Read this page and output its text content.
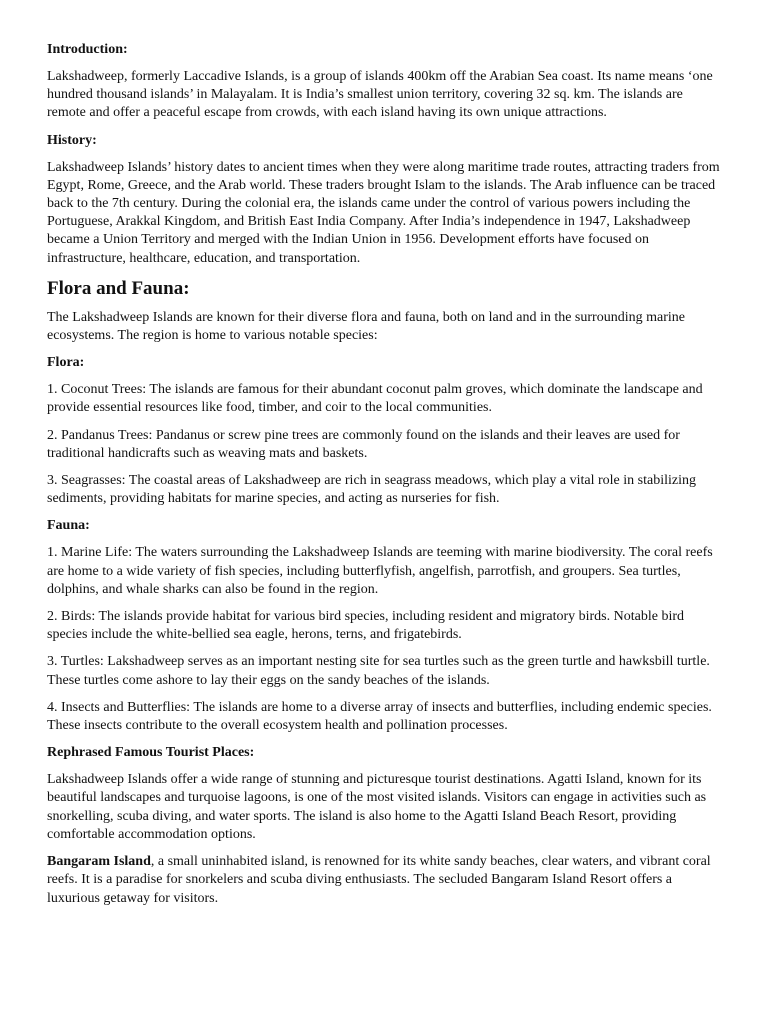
Introduction:

Lakshadweep, formerly Laccadive Islands, is a group of islands 400km off the Arabian Sea coast. Its name means ‘one hundred thousand islands’ in Malayalam. It is India’s smallest union territory, covering 32 sq. km. The islands are remote and offer a peaceful escape from crowds, with each island having its own unique attractions.

History:

Lakshadweep Islands’ history dates to ancient times when they were along maritime trade routes, attracting traders from Egypt, Rome, Greece, and the Arab world. These traders brought Islam to the islands. The Arab influence can be traced back to the 7th century. During the colonial era, the islands came under the control of various powers including the Portuguese, Arakkal Kingdom, and British East India Company. After India’s independence in 1947, Lakshadweep became a Union Territory and merged with the Indian Union in 1956. Development efforts have focused on infrastructure, healthcare, education, and transportation.

Flora and Fauna:

The Lakshadweep Islands are known for their diverse flora and fauna, both on land and in the surrounding marine ecosystems. The region is home to various notable species:

Flora:

1. Coconut Trees: The islands are famous for their abundant coconut palm groves, which dominate the landscape and provide essential resources like food, timber, and coir to the local communities.

2. Pandanus Trees: Pandanus or screw pine trees are commonly found on the islands and their leaves are used for traditional handicrafts such as weaving mats and baskets.

3. Seagrasses: The coastal areas of Lakshadweep are rich in seagrass meadows, which play a vital role in stabilizing sediments, providing habitats for marine species, and acting as nurseries for fish.

Fauna:

1. Marine Life: The waters surrounding the Lakshadweep Islands are teeming with marine biodiversity. The coral reefs are home to a wide variety of fish species, including butterflyfish, angelfish, parrotfish, and groupers. Sea turtles, dolphins, and whale sharks can also be found in the region.

2. Birds: The islands provide habitat for various bird species, including resident and migratory birds. Notable bird species include the white-bellied sea eagle, herons, terns, and frigatebirds.

3. Turtles: Lakshadweep serves as an important nesting site for sea turtles such as the green turtle and hawksbill turtle. These turtles come ashore to lay their eggs on the sandy beaches of the islands.

4. Insects and Butterflies: The islands are home to a diverse array of insects and butterflies, including endemic species. These insects contribute to the overall ecosystem health and pollination processes.

Rephrased Famous Tourist Places:

Lakshadweep Islands offer a wide range of stunning and picturesque tourist destinations. Agatti Island, known for its beautiful landscapes and turquoise lagoons, is one of the most visited islands. Visitors can engage in activities such as snorkelling, scuba diving, and water sports. The island is also home to the Agatti Island Beach Resort, providing comfortable accommodation options.

Bangaram Island, a small uninhabited island, is renowned for its white sandy beaches, clear waters, and vibrant coral reefs. It is a paradise for snorkelers and scuba diving enthusiasts. The secluded Bangaram Island Resort offers a luxurious getaway for visitors.
